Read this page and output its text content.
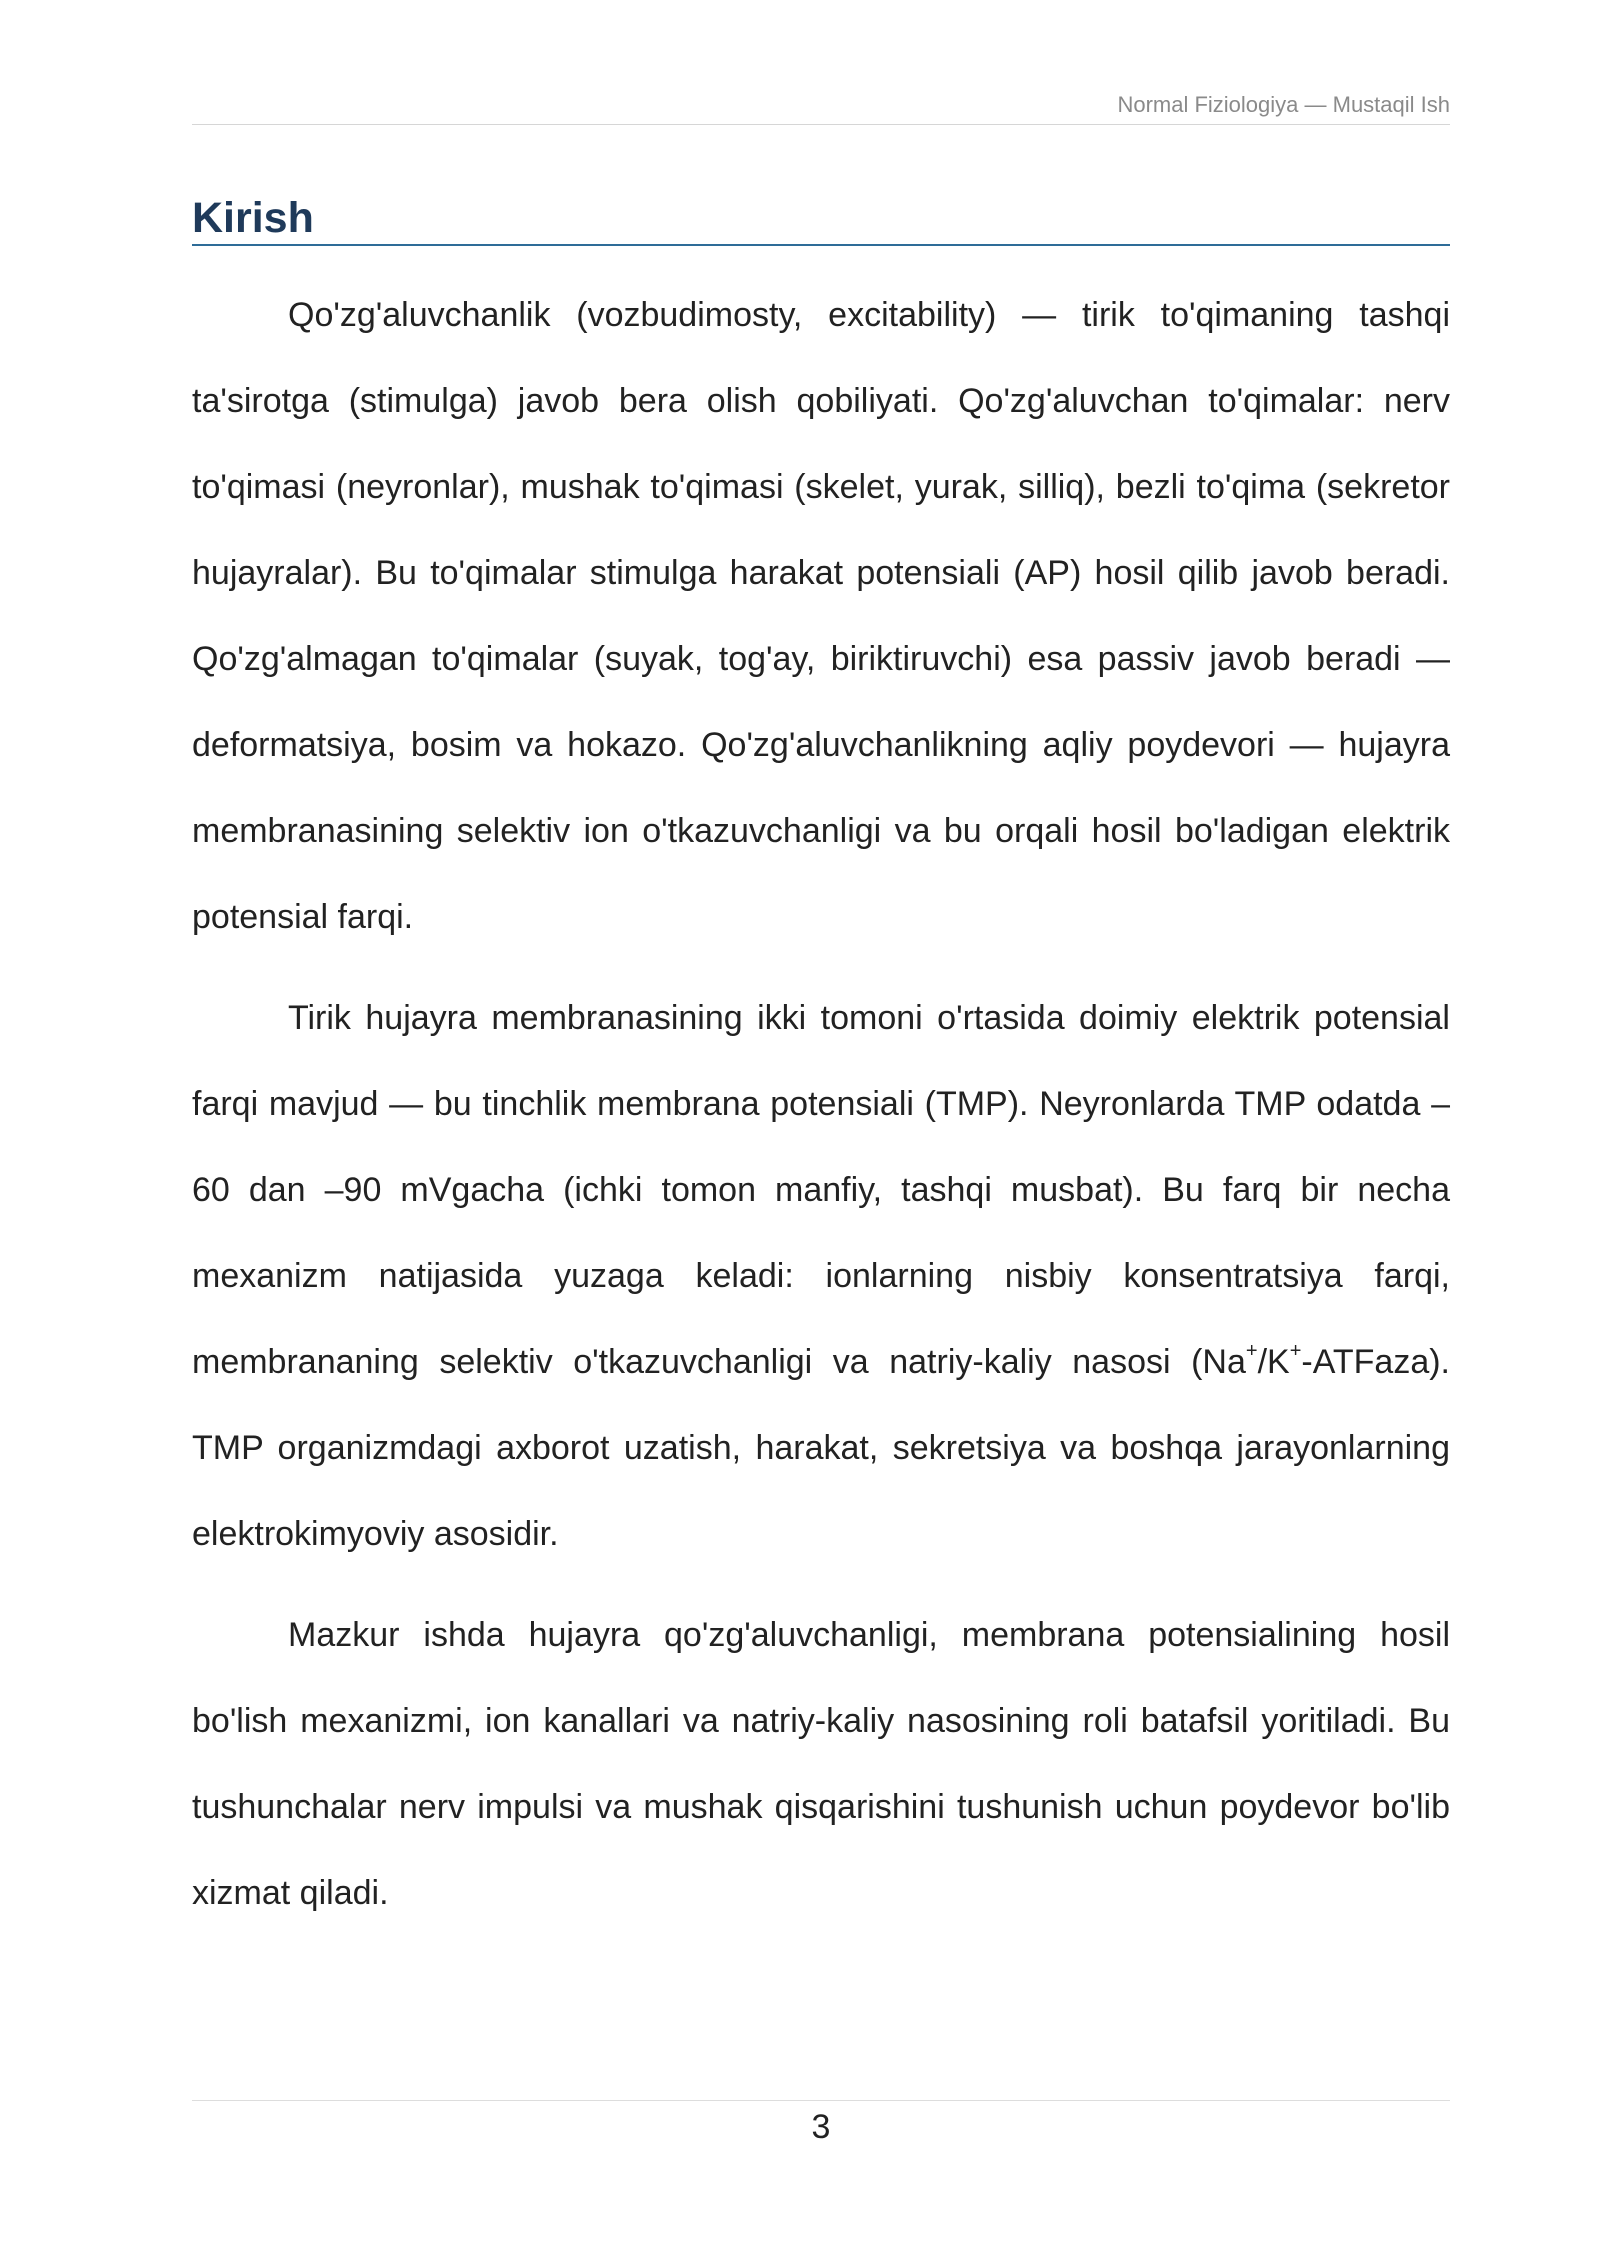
Normal Fiziologiya — Mustaqil Ish
Kirish

Qo'zg'aluvchanlik (vozbudimosty, excitability) — tirik to'qimaning tashqi ta'sirotga (stimulga) javob bera olish qobiliyati. Qo'zg'aluvchan to'qimalar: nerv to'qimasi (neyronlar), mushak to'qimasi (skelet, yurak, silliq), bezli to'qima (sekretor hujayralar). Bu to'qimalar stimulga harakat potensiali (AP) hosil qilib javob beradi. Qo'zg'almagan to'qimalar (suyak, tog'ay, biriktiruvchi) esa passiv javob beradi — deformatsiya, bosim va hokazo. Qo'zg'aluvchanlikning aqliy poydevori — hujayra membranasining selektiv ion o'tkazuvchanligi va bu orqali hosil bo'ladigan elektrik potensial farqi.

Tirik hujayra membranasining ikki tomoni o'rtasida doimiy elektrik potensial farqi mavjud — bu tinchlik membrana potensiali (TMP). Neyronlarda TMP odatda –60 dan –90 mVgacha (ichki tomon manfiy, tashqi musbat). Bu farq bir necha mexanizm natijasida yuzaga keladi: ionlarning nisbiy konsentratsiya farqi, membrananing selektiv o'tkazuvchanligi va natriy-kaliy nasosi (Na+/K+-ATFaza). TMP organizmdagi axborot uzatish, harakat, sekretsiya va boshqa jarayonlarning elektrokimyoviy asosidir.

Mazkur ishda hujayra qo'zg'aluvchanligi, membrana potensialining hosil bo'lish mexanizmi, ion kanallari va natriy-kaliy nasosining roli batafsil yoritiladi. Bu tushunchalar nerv impulsi va mushak qisqarishini tushunish uchun poydevor bo'lib xizmat qiladi.

3
